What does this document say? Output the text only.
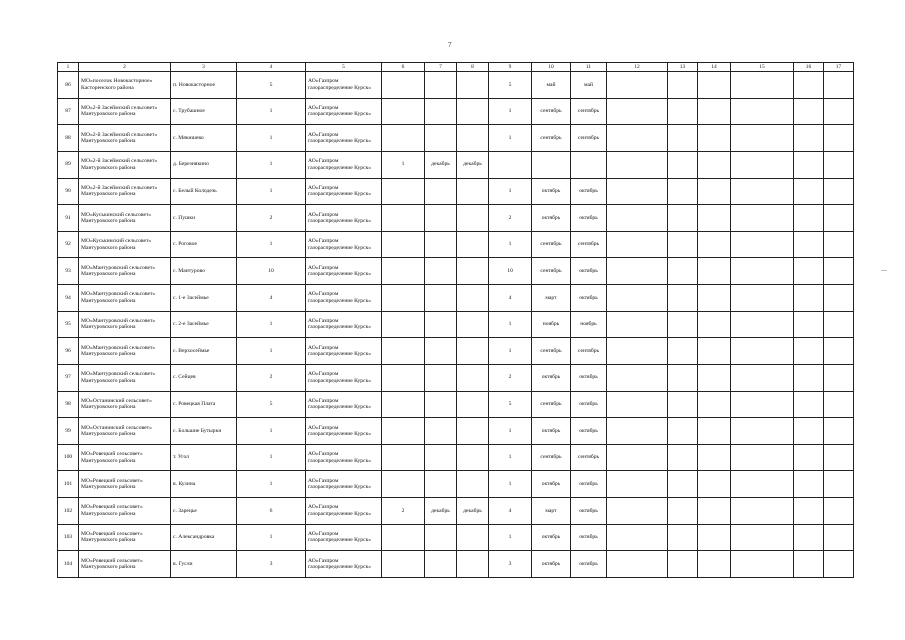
7
1	2	3	4	5	6	7	8	9	10	11	12	13	14	15	16	17
86	МО«поселок Новокасторное» Касторенского района	п. Новокасторное	5	АО«Газпром газораспределение Курск»				5	май	май						
87	МО«2-й Засеймский сельсовет» Мантуровского района	с. Трубашное	1	АО«Газпром газораспределение Курск»				1	сентябрь	сентябрь						
88	МО«2-й Засеймский сельсовет» Мантуровского района	с. Мякишево	1	АО«Газпром газораспределение Курск»				1	сентябрь	сентябрь						
89	МО«2-й Засеймский сельсовет» Мантуровского района	д. Березнякино	1	АО«Газпром газораспределение Курск»	1	декабрь	декабрь									
90	МО«2-й Засеймский сельсовет» Мантуровского района	с. Белый Колодезь	1	АО«Газпром газораспределение Курск»				1	октябрь	октябрь						
91	МО«Куськинский сельсовет» Мантуровского района	с. Пушки	2	АО«Газпром газораспределение Курск»				2	октябрь	октябрь						
92	МО«Куськинский сельсовет» Мантуровского района	с. Роговое	1	АО«Газпром газораспределение Курск»				1	сентябрь	сентябрь						
93	МО«Мантуровский сельсовет» Мантуровского района	с. Мантурово	10	АО«Газпром газораспределение Курск»				10	сентябрь	октябрь						
94	МО«Мантуровский сельсовет» Мантуровского района	с. 1-е Засеймье	4	АО«Газпром газораспределение Курск»				4	март	октябрь						
95	МО«Мантуровский сельсовет» Мантуровского района	с. 2-е Засеймье	1	АО«Газпром газораспределение Курск»				1	ноябрь	ноябрь						
96	МО«Мантуровский сельсовет» Мантуровского района	с. Верхосеймье	1	АО«Газпром газораспределение Курск»				1	сентябрь	сентябрь						
97	МО«Мантуровский сельсовет» Мантуровского района	с. Сейцев	2	АО«Газпром газораспределение Курск»				2	октябрь	октябрь						
98	МО«Останинский сельсовет» Мантуровского района	с. Ровецкая Плата	5	АО«Газпром газораспределение Курск»				5	сентябрь	октябрь						
99	МО«Останинский сельсовет» Мантуровского района	с. Большие Бутырки	1	АО«Газпром газораспределение Курск»				1	октябрь	октябрь						
100	МО«Ровецкий сельсовет» Мантуровского района	т. Угол	1	АО«Газпром газораспределение Курск»				1	сентябрь	сентябрь						
101	МО«Ровецкий сельсовет» Мантуровского района	в. Кузина	1	АО«Газпром газораспределение Курск»				1	октябрь	октябрь						
102	МО«Ровецкий сельсовет» Мантуровского района	с. Зарецье	6	АО«Газпром газораспределение Курск»	2	декабрь	декабрь	4	март	октябрь						
103	МО«Ровецкий сельсовет» Мантуровского района	с. Александровка	1	АО«Газпром газораспределение Курск»				1	октябрь	октябрь						
104	МО«Ровецкий сельсовет» Мантуровского района	в. Гусли	3	АО«Газпром газораспределение Курск»				3	октябрь	октябрь						
